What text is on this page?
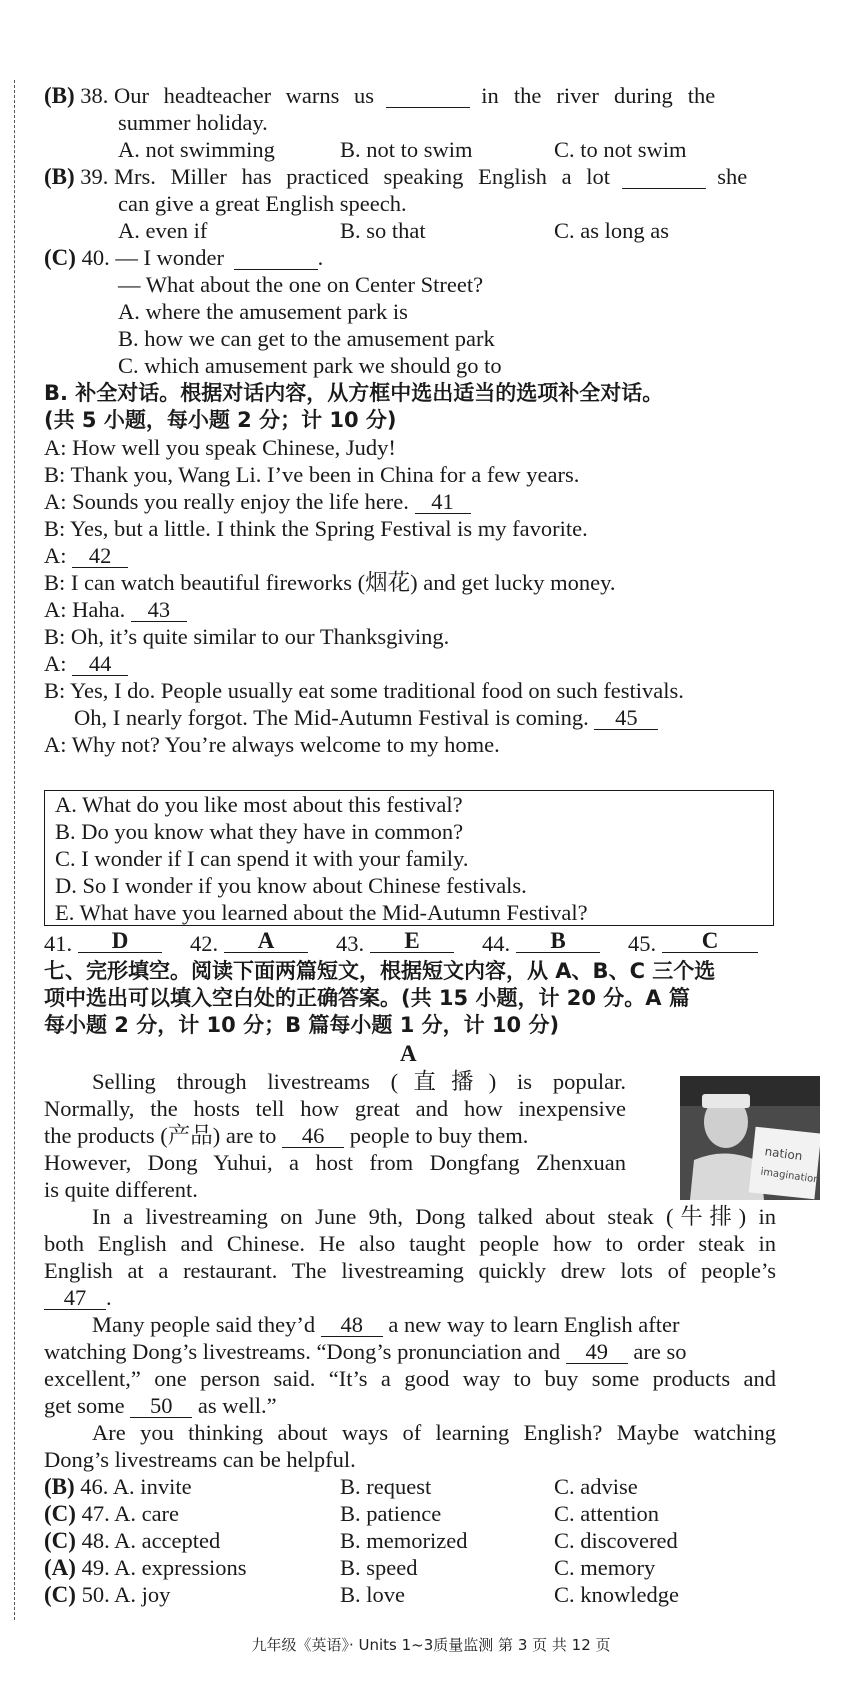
(B) 38. Our headteacher warns us	in the river during the
summer holiday.
A. not swimming	B. not to swim	C. to not swim
(B) 39. Mrs. Miller has practiced speaking English a lot	she
can give a great English speech.
A. even if	B. so that	C. as long as
(C) 40. — I wonder	.
— What about the one on Center Street?
A. where the amusement park is
B. how we can get to the amusement park
C. which amusement park we should go to
B. 补全对话。根据对话内容，从方框中选出适当的选项补全对话。
(共 5 小题，每小题 2 分；计 10 分)
A: How well you speak Chinese, Judy!
B: Thank you, Wang Li. I’ve been in China for a few years.
A: Sounds you really enjoy the life here. 41
B: Yes, but a little. I think the Spring Festival is my favorite.
A: 42
B: I can watch beautiful fireworks (烟花) and get lucky money.
A: Haha. 43
B: Oh, it’s quite similar to our Thanksgiving.
A: 44
B: Yes, I do. People usually eat some traditional food on such festivals.
Oh, I nearly forgot. The Mid-Autumn Festival is coming. 45
A: Why not? You’re always welcome to my home.
A. What do you like most about this festival?
B. Do you know what they have in common?
C. I wonder if I can spend it with your family.
D. So I wonder if you know about Chinese festivals.
E. What have you learned about the Mid-Autumn Festival?
41.	D	42.	A	43.	E	44.	B	45.	C
七、完形填空。阅读下面两篇短文，根据短文内容，从 A、B、C 三个选
项中选出可以填入空白处的正确答案。(共 15 小题，计 20 分。A 篇
每小题 2 分，计 10 分；B 篇每小题 1 分，计 10 分)
A
Selling through livestreams (直播) is popular.
Normally, the hosts tell how great and how inexpensive
the products (产品) are to 46 people to buy them.
However, Dong Yuhui, a host from Dongfang Zhenxuan
is quite different.
nation
imagination
In a livestreaming on June 9th, Dong talked about steak (牛排) in
both English and Chinese. He also taught people how to order steak in
English at a restaurant. The livestreaming quickly drew lots of people’s
47 .
Many people said they’d 48 a new way to learn English after
watching Dong’s livestreams. “Dong’s pronunciation and 49 are so
excellent,” one person said. “It’s a good way to buy some products and
get some 50 as well.”
Are you thinking about ways of learning English? Maybe watching
Dong’s livestreams can be helpful.
(B) 46. A. invite	B. request	C. advise
(C) 47. A. care	B. patience	C. attention
(C) 48. A. accepted	B. memorized	C. discovered
(A) 49. A. expressions	B. speed	C. memory
(C) 50. A. joy	B. love	C. knowledge
九年级《英语》· Units 1~3质量监测 第 3 页 共 12 页
